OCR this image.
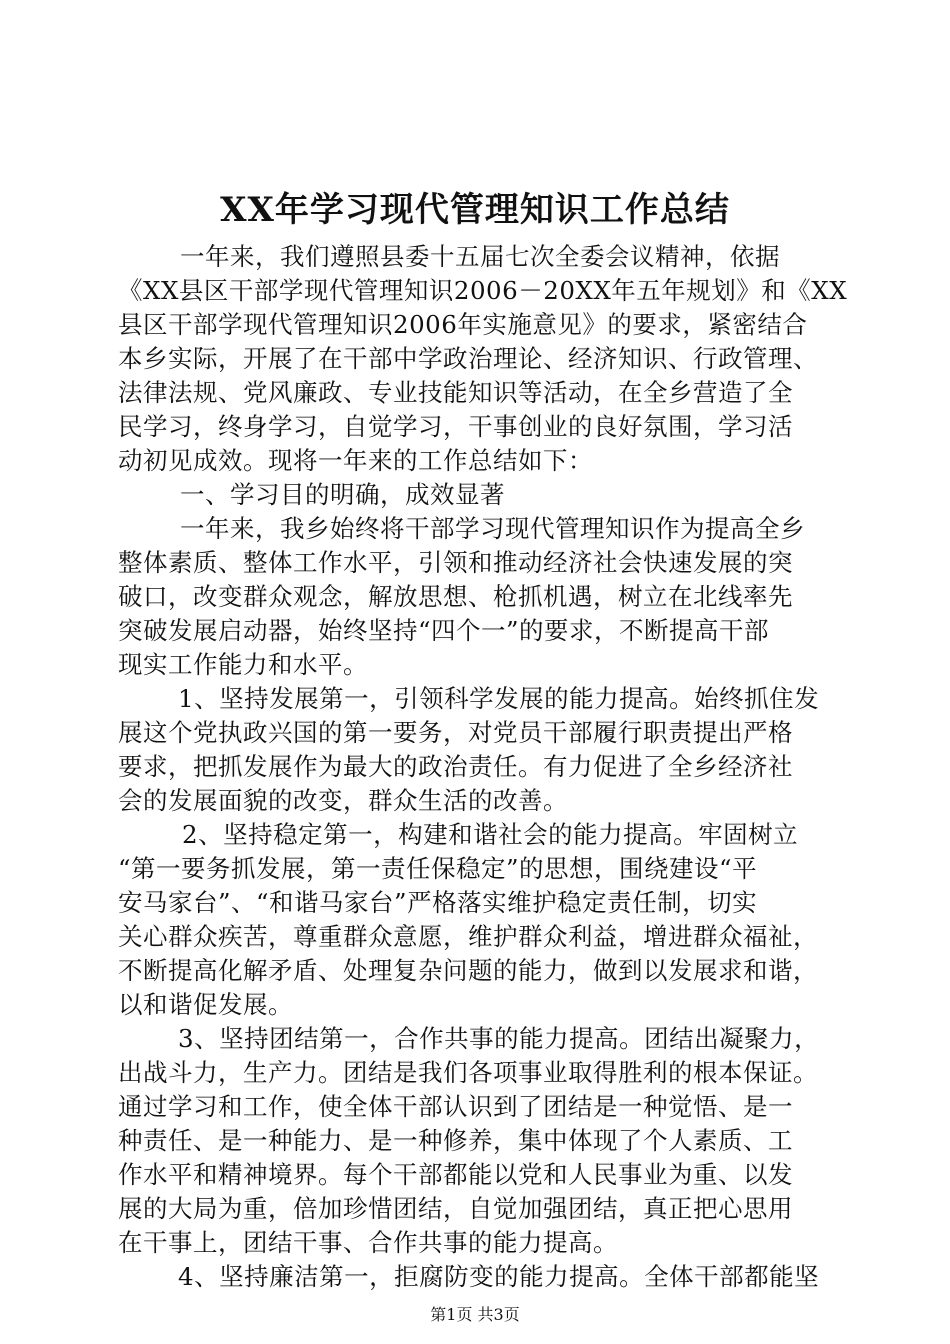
XX年学习现代管理知识工作总结
　一年来，我们遵照县委十五届七次全委会议精神，依据
《XX县区干部学现代管理知识2006－20XX年五年规划》和《XX
县区干部学现代管理知识2006年实施意见》的要求，紧密结合
本乡实际，开展了在干部中学政治理论、经济知识、行政管理、
法律法规、党风廉政、专业技能知识等活动，在全乡营造了全
民学习，终身学习，自觉学习，干事创业的良好氛围，学习活
动初见成效。现将一年来的工作总结如下：
　一、学习目的明确，成效显著
　一年来，我乡始终将干部学习现代管理知识作为提高全乡
整体素质、整体工作水平，引领和推动经济社会快速发展的突
破口，改变群众观念，解放思想、枪抓机遇，树立在北线率先
突破发展启动器，始终坚持“四个一”的要求，不断提高干部
现实工作能力和水平。
1、坚持发展第一，引领科学发展的能力提高。始终抓住发
展这个党执政兴国的第一要务，对党员干部履行职责提出严格
要求，把抓发展作为最大的政治责任。有力促进了全乡经济社
会的发展面貌的改变，群众生活的改善。
2、坚持稳定第一，构建和谐社会的能力提高。牢固树立
“第一要务抓发展，第一责任保稳定”的思想，围绕建设“平
安马家台”、“和谐马家台”严格落实维护稳定责任制，切实
关心群众疾苦，尊重群众意愿，维护群众利益，增进群众福祉，
不断提高化解矛盾、处理复杂问题的能力，做到以发展求和谐，
以和谐促发展。
3、坚持团结第一，合作共事的能力提高。团结出凝聚力，
出战斗力，生产力。团结是我们各项事业取得胜利的根本保证。
通过学习和工作，使全体干部认识到了团结是一种觉悟、是一
种责任、是一种能力、是一种修养，集中体现了个人素质、工
作水平和精神境界。每个干部都能以党和人民事业为重、以发
展的大局为重，倍加珍惜团结，自觉加强团结，真正把心思用
在干事上，团结干事、合作共事的能力提高。
4、坚持廉洁第一，拒腐防变的能力提高。全体干部都能坚
第1页 共3页
